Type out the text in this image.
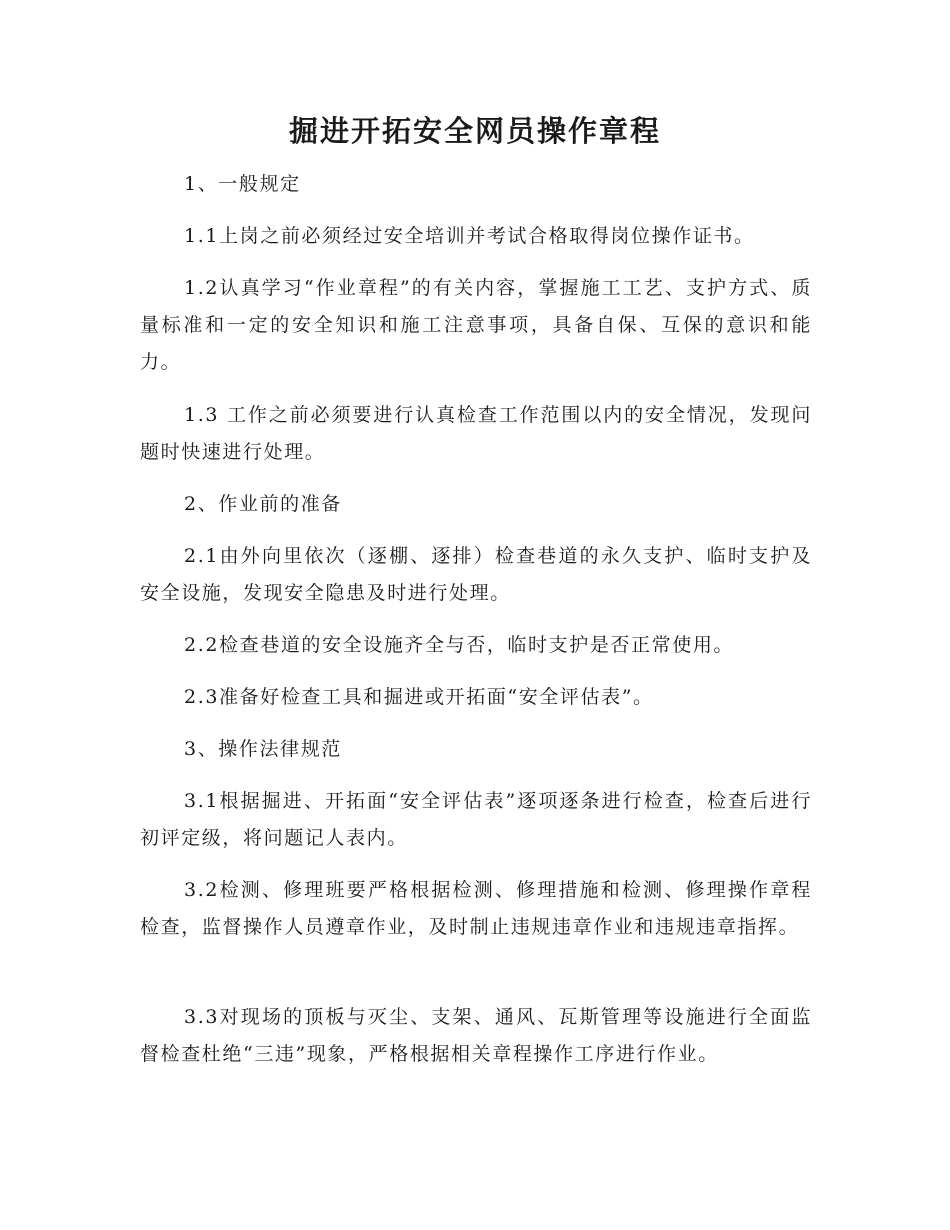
掘进开拓安全网员操作章程

1、一般规定

1.1上岗之前必须经过安全培训并考试合格取得岗位操作证书。

1.2认真学习“作业章程”的有关内容，掌握施工工艺、支护方式、质量标准和一定的安全知识和施工注意事项，具备自保、互保的意识和能力。

1.3 工作之前必须要进行认真检查工作范围以内的安全情况，发现问题时快速进行处理。

2、作业前的准备

2.1由外向里依次（逐棚、逐排）检查巷道的永久支护、临时支护及安全设施，发现安全隐患及时进行处理。

2.2检查巷道的安全设施齐全与否，临时支护是否正常使用。

2.3准备好检查工具和掘进或开拓面“安全评估表”。

3、操作法律规范

3.1根据掘进、开拓面“安全评估表”逐项逐条进行检查，检查后进行初评定级，将问题记人表内。

3.2检测、修理班要严格根据检测、修理措施和检测、修理操作章程检查，监督操作人员遵章作业，及时制止违规违章作业和违规违章指挥。

3.3对现场的顶板与灭尘、支架、通风、瓦斯管理等设施进行全面监督检查杜绝“三违”现象，严格根据相关章程操作工序进行作业。
